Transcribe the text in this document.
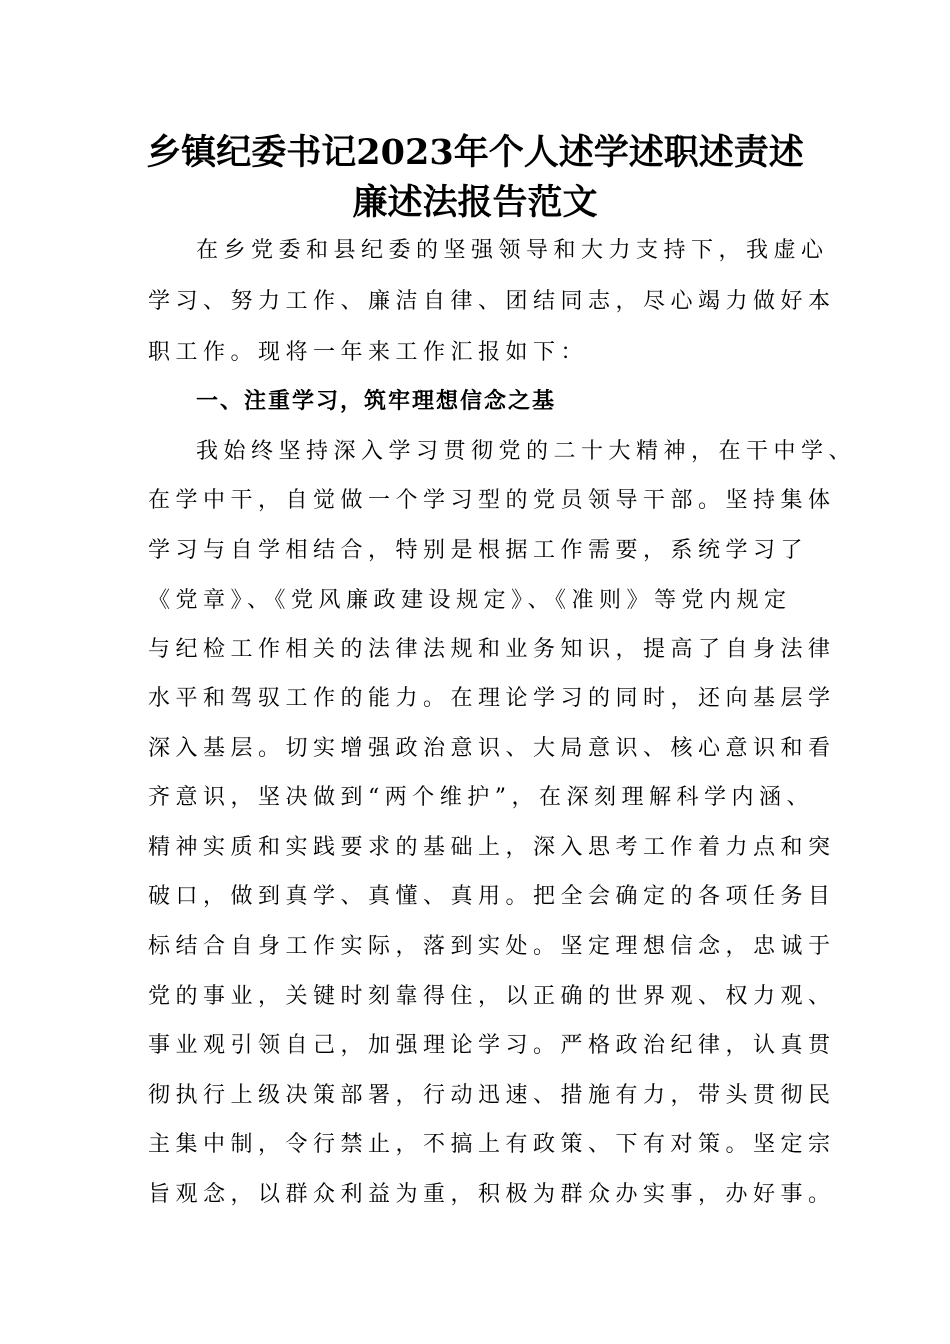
乡镇纪委书记2023年个人述学述职述责述
廉述法报告范文
在乡党委和县纪委的坚强领导和大力支持下，我虚心
学习、努力工作、廉洁自律、团结同志，尽心竭力做好本
职工作。现将一年来工作汇报如下：
一、注重学习，筑牢理想信念之基
我始终坚持深入学习贯彻党的二十大精神，在干中学、
在学中干，自觉做一个学习型的党员领导干部。坚持集体
学习与自学相结合，特别是根据工作需要，系统学习了
《党章》、《党风廉政建设规定》、《准则》等党内规定
与纪检工作相关的法律法规和业务知识，提高了自身法律
水平和驾驭工作的能力。在理论学习的同时，还向基层学
深入基层。切实增强政治意识、大局意识、核心意识和看
齐意识，坚决做到“两个维护”，在深刻理解科学内涵、
精神实质和实践要求的基础上，深入思考工作着力点和突
破口，做到真学、真懂、真用。把全会确定的各项任务目
标结合自身工作实际，落到实处。坚定理想信念，忠诚于
党的事业，关键时刻靠得住，以正确的世界观、权力观、
事业观引领自己，加强理论学习。严格政治纪律，认真贯
彻执行上级决策部署，行动迅速、措施有力，带头贯彻民
主集中制，令行禁止，不搞上有政策、下有对策。坚定宗
旨观念，以群众利益为重，积极为群众办实事，办好事。
